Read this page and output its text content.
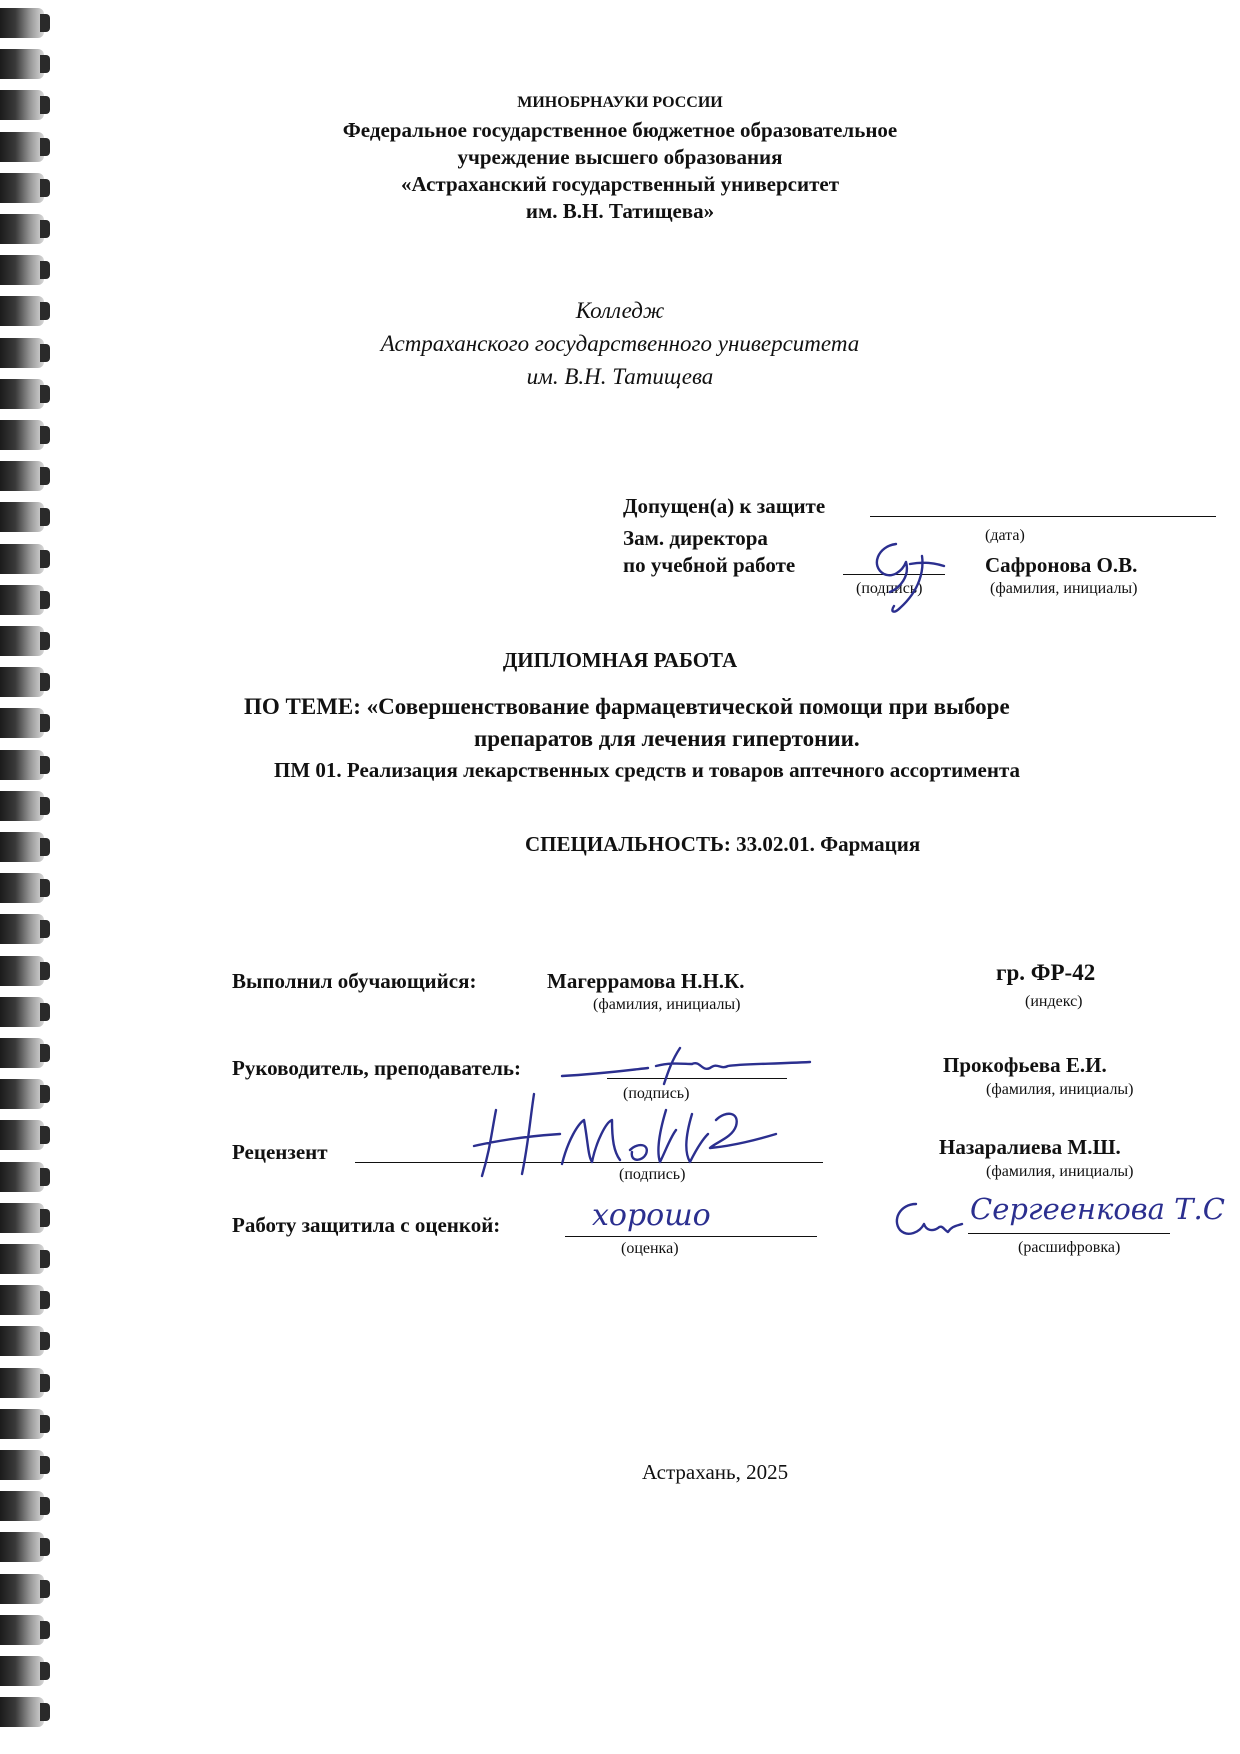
МИНОБРНАУКИ РОССИИ
Федеральное государственное бюджетное образовательное
учреждение высшего образования
«Астраханский государственный университет
им. В.Н. Татищева»
Колледж
Астраханского государственного университета
им. В.Н. Татищева
Допущен(а) к защите
(дата)
Зам. директора
по учебной работе
(подпись)
Сафронова О.В.
(фамилия, инициалы)
ДИПЛОМНАЯ РАБОТА
ПО ТЕМЕ: «Совершенствование фармацевтической помощи при выборе
препаратов для лечения гипертонии.
ПМ 01. Реализация лекарственных средств и товаров аптечного ассортимента
СПЕЦИАЛЬНОСТЬ: 33.02.01. Фармация
Выполнил обучающийся:	Магеррамова Н.Н.К.
(фамилия, инициалы)
гр. ФР-42
(индекс)
Руководитель, преподаватель:
(подпись)
Прокофьева Е.И.
(фамилия, инициалы)
Рецензент
(подпись)
Назаралиева М.Ш.
(фамилия, инициалы)
Работу защитила с оценкой:	хорошо
(оценка)
Сергеенкова Т.С
(расшифровка)
Астрахань, 2025
